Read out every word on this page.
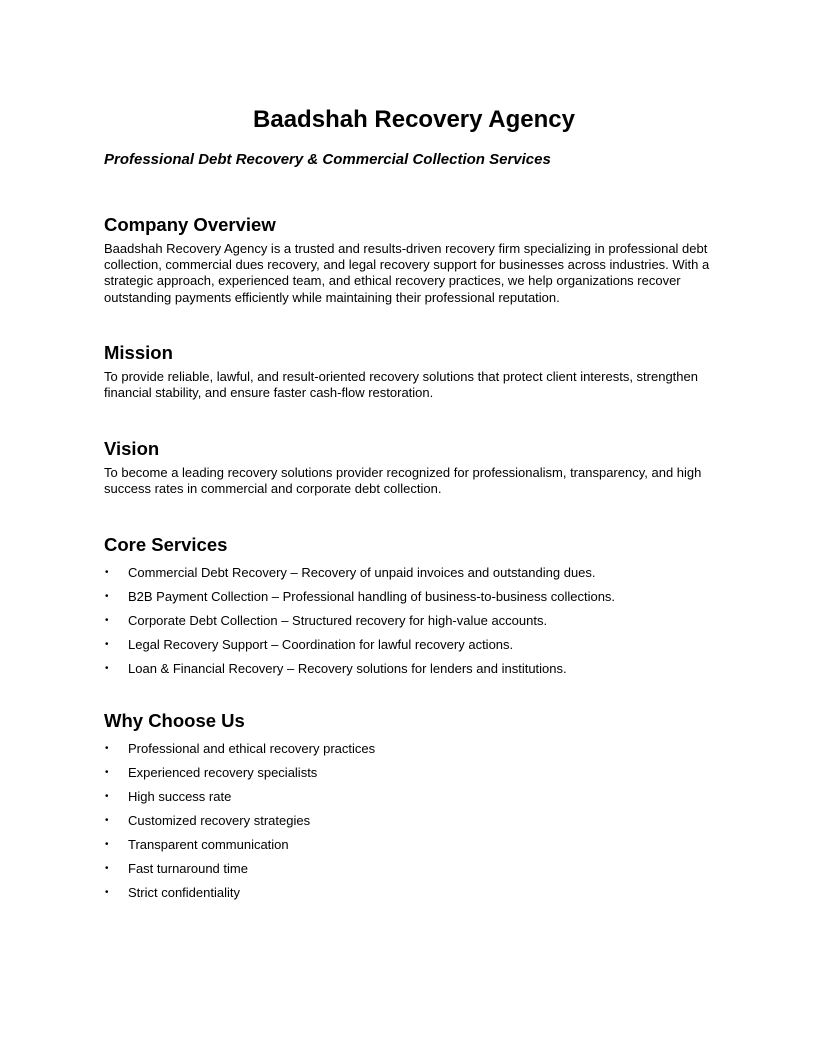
Baadshah Recovery Agency

Professional Debt Recovery & Commercial Collection Services

Company Overview

Baadshah Recovery Agency is a trusted and results-driven recovery firm specializing in professional debt collection, commercial dues recovery, and legal recovery support for businesses across industries. With a strategic approach, experienced team, and ethical recovery practices, we help organizations recover outstanding payments efficiently while maintaining their professional reputation.

Mission

To provide reliable, lawful, and result-oriented recovery solutions that protect client interests, strengthen financial stability, and ensure faster cash-flow restoration.

Vision

To become a leading recovery solutions provider recognized for professionalism, transparency, and high success rates in commercial and corporate debt collection.

Core Services
• Commercial Debt Recovery – Recovery of unpaid invoices and outstanding dues.
• B2B Payment Collection – Professional handling of business-to-business collections.
• Corporate Debt Collection – Structured recovery for high-value accounts.
• Legal Recovery Support – Coordination for lawful recovery actions.
• Loan & Financial Recovery – Recovery solutions for lenders and institutions.
Why Choose Us
• Professional and ethical recovery practices
• Experienced recovery specialists
• High success rate
• Customized recovery strategies
• Transparent communication
• Fast turnaround time
• Strict confidentiality
